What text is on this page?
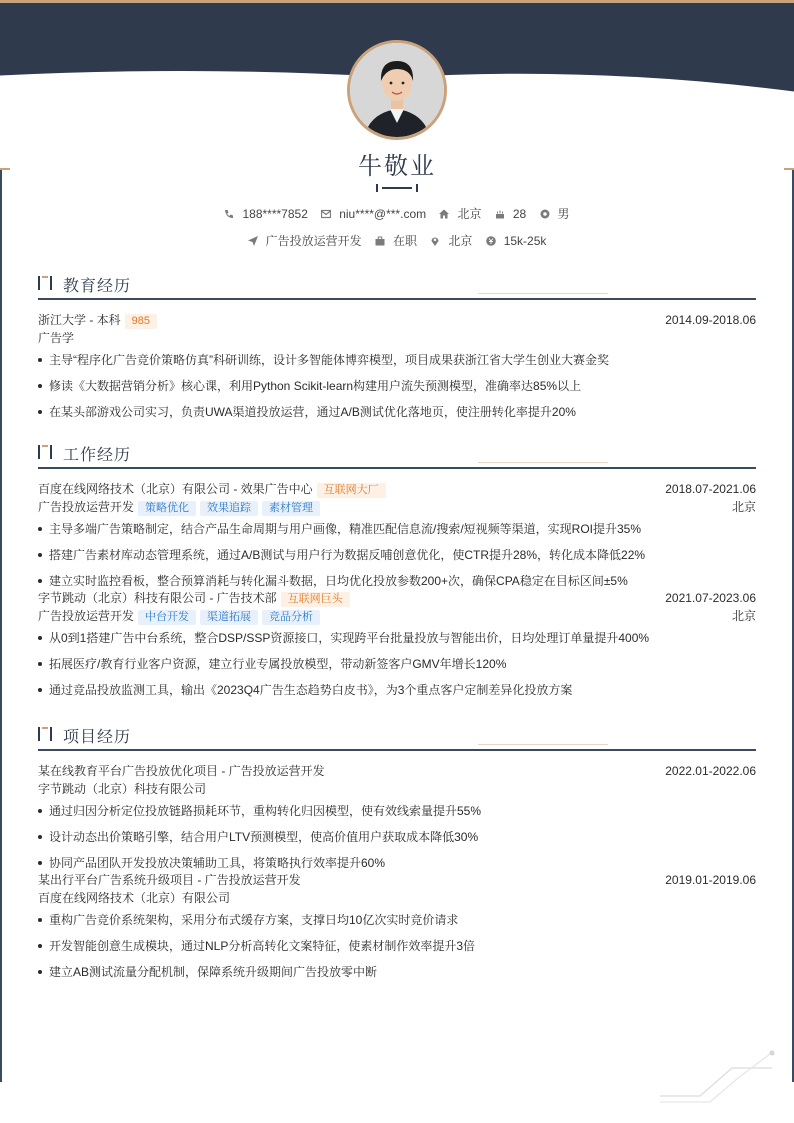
牛敬业
188****7852	niu****@***.com	北京	28	男
广告投放运营开发	在职	北京	15k-25k
教育经历
浙江大学 - 本科 985	2014.09-2018.06
广告学
主导“程序化广告竞价策略仿真”科研训练，设计多智能体博弈模型，项目成果获浙江省大学生创业大赛金奖
修读《大数据营销分析》核心课，利用Python Scikit-learn构建用户流失预测模型，准确率达85%以上
在某头部游戏公司实习，负责UWA渠道投放运营，通过A/B测试优化落地页，使注册转化率提升20%
工作经历
百度在线网络技术（北京）有限公司 - 效果广告中心 互联网大厂	2018.07-2021.06
广告投放运营开发 策略优化 效果追踪 素材管理	北京
主导多端广告策略制定，结合产品生命周期与用户画像，精准匹配信息流/搜索/短视频等渠道，实现ROI提升35%
搭建广告素材库动态管理系统，通过A/B测试与用户行为数据反哺创意优化，使CTR提升28%，转化成本降低22%
建立实时监控看板，整合预算消耗与转化漏斗数据，日均优化投放参数200+次，确保CPA稳定在目标区间±5%
字节跳动（北京）科技有限公司 - 广告技术部 互联网巨头	2021.07-2023.06
广告投放运营开发 中台开发 渠道拓展 竞品分析	北京
从0到1搭建广告中台系统，整合DSP/SSP资源接口，实现跨平台批量投放与智能出价，日均处理订单量提升400%
拓展医疗/教育行业客户资源，建立行业专属投放模型，带动新签客户GMV年增长120%
通过竞品投放监测工具，输出《2023Q4广告生态趋势白皮书》，为3个重点客户定制差异化投放方案
项目经历
某在线教育平台广告投放优化项目 - 广告投放运营开发	2022.01-2022.06
字节跳动（北京）科技有限公司
通过归因分析定位投放链路损耗环节，重构转化归因模型，使有效线索量提升55%
设计动态出价策略引擎，结合用户LTV预测模型，使高价值用户获取成本降低30%
协同产品团队开发投放决策辅助工具，将策略执行效率提升60%
某出行平台广告系统升级项目 - 广告投放运营开发	2019.01-2019.06
百度在线网络技术（北京）有限公司
重构广告竞价系统架构，采用分布式缓存方案，支撑日均10亿次实时竞价请求
开发智能创意生成模块，通过NLP分析高转化文案特征，使素材制作效率提升3倍
建立AB测试流量分配机制，保障系统升级期间广告投放零中断
